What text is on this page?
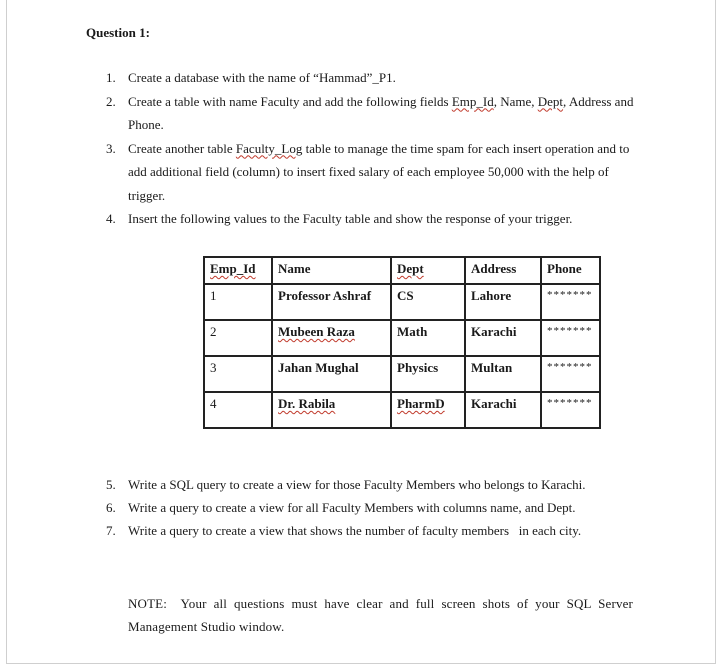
Question 1:
1. Create a database with the name of “Hammad”_P1.
2. Create a table with name Faculty and add the following fields Emp_Id, Name, Dept, Address and Phone.
3. Create another table Faculty_Log table to manage the time spam for each insert operation and to add additional field (column) to insert fixed salary of each employee 50,000 with the help of trigger.
4. Insert the following values to the Faculty table and show the response of your trigger.
Emp_Id	Name	Dept	Address	Phone
1	Professor Ashraf	CS	Lahore	*******
2	Mubeen Raza	Math	Karachi	*******
3	Jahan Mughal	Physics	Multan	*******
4	Dr. Rabila	PharmD	Karachi	*******
5. Write a SQL query to create a view for those Faculty Members who belongs to Karachi.
6. Write a query to create a view for all Faculty Members with columns name, and Dept.
7. Write a query to create a view that shows the number of faculty members   in each city.
NOTE:  Your all questions must have clear and full screen shots of your SQL Server Management Studio window.
